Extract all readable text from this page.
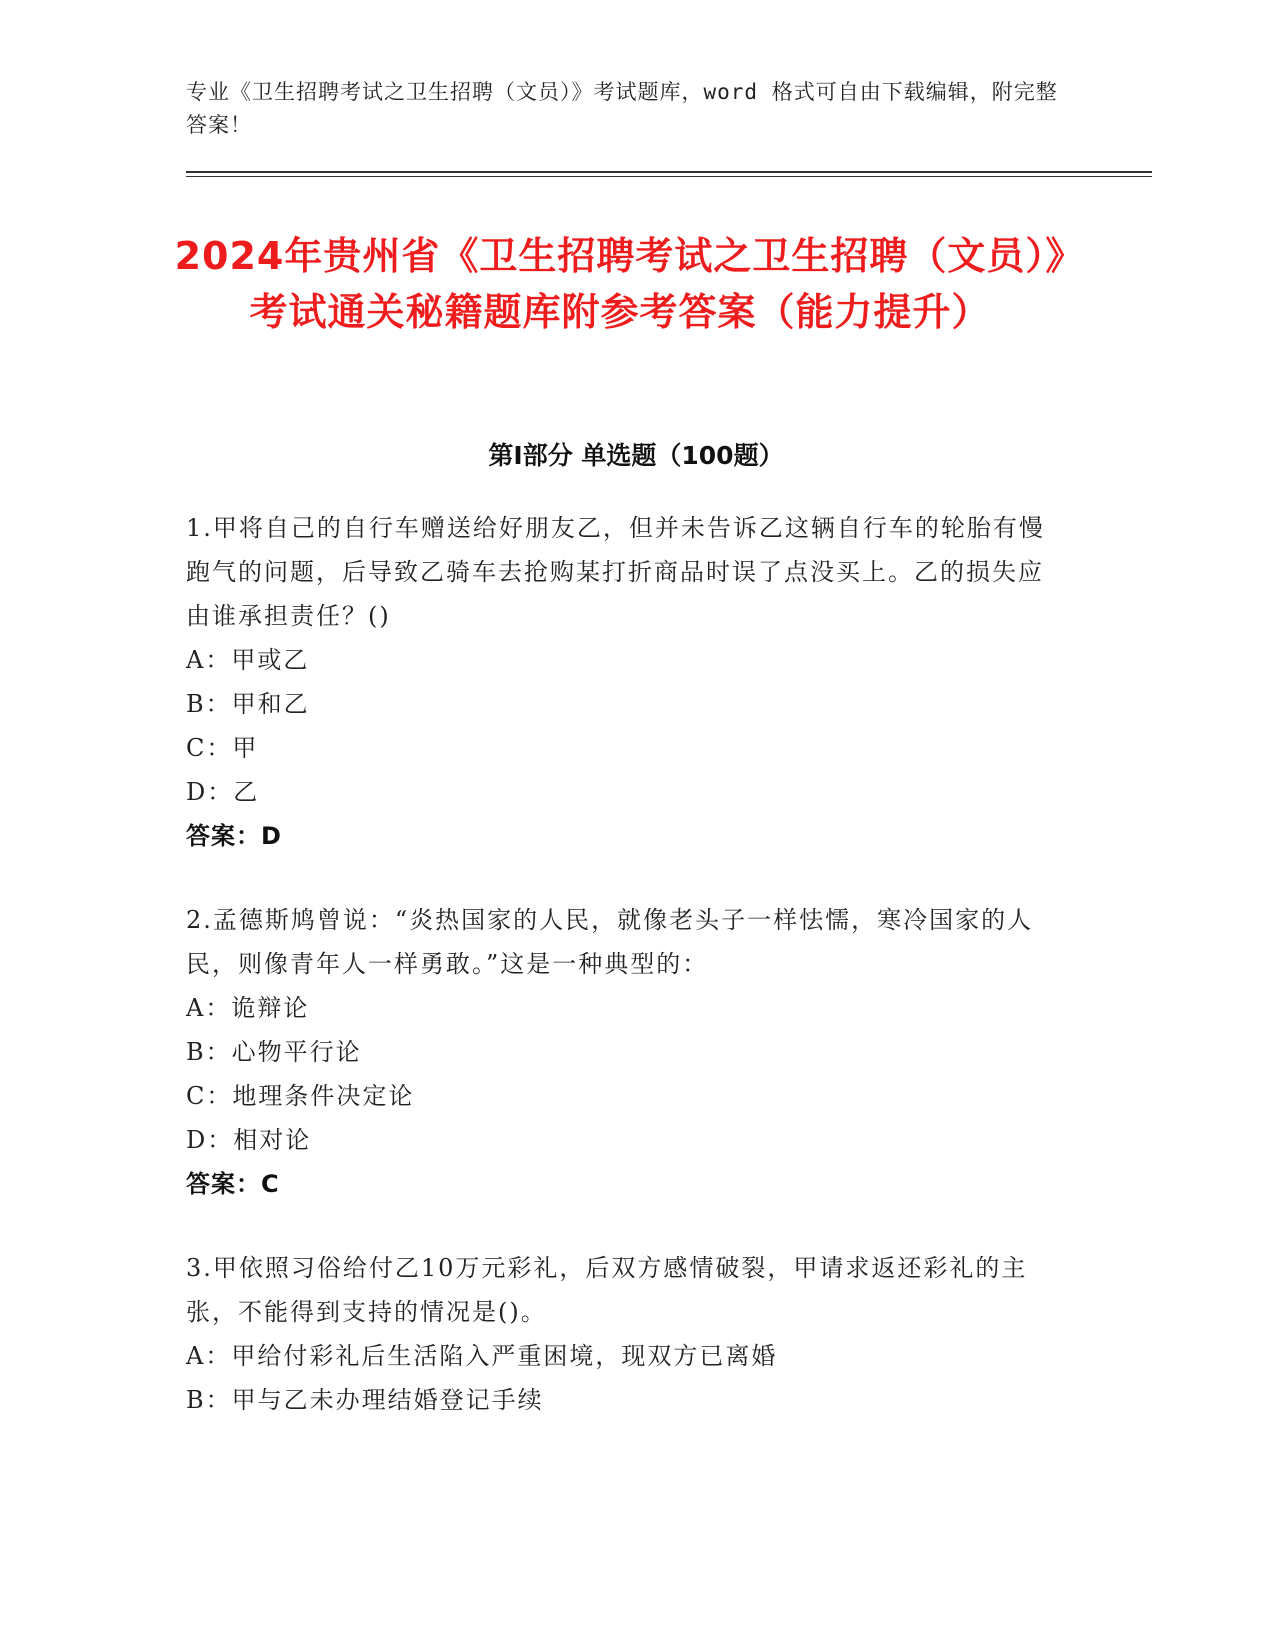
专业《卫生招聘考试之卫生招聘（文员）》考试题库，word 格式可自由下载编辑，附完整答案！
2024年贵州省《卫生招聘考试之卫生招聘（文员）》考试通关秘籍题库附参考答案（能力提升）
第Ⅰ部分 单选题（100题）
1.甲将自己的自行车赠送给好朋友乙，但并未告诉乙这辆自行车的轮胎有慢跑气的问题，后导致乙骑车去抢购某打折商品时误了点没买上。乙的损失应由谁承担责任？()
A：甲或乙
B：甲和乙
C：甲
D：乙
答案：D
2.孟德斯鸠曾说：“炎热国家的人民，就像老头子一样怯懦，寒冷国家的人民，则像青年人一样勇敢。”这是一种典型的：
A：诡辩论
B：心物平行论
C：地理条件决定论
D：相对论
答案：C
3.甲依照习俗给付乙10万元彩礼，后双方感情破裂，甲请求返还彩礼的主张，不能得到支持的情况是()。
A：甲给付彩礼后生活陷入严重困境，现双方已离婚
B：甲与乙未办理结婚登记手续
